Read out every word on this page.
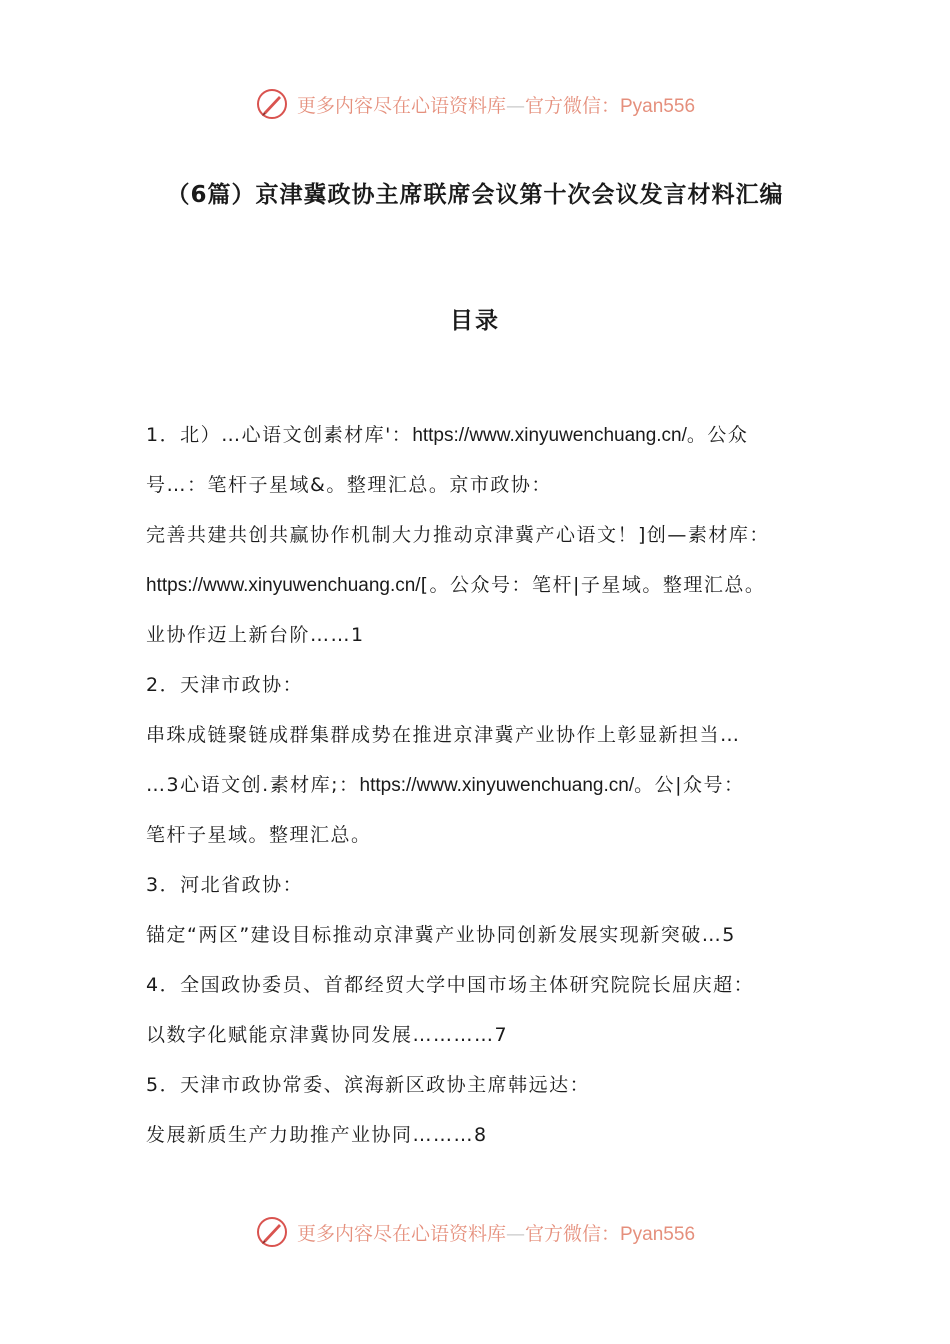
更多内容尽在心语资料库—官方微信：Pyan556
（6篇）京津冀政协主席联席会议第十次会议发言材料汇编
目录
1．北）…心语文创素材库'：https://www.xinyuwenchuang.cn/。公众
号…：笔杆子星域&。整理汇总。京市政协：
完善共建共创共赢协作机制大力推动京津冀产心语文！]创—素材库：
https://www.xinyuwenchuang.cn/[。公众号：笔杆|子星域。整理汇总。
业协作迈上新台阶……1
2．天津市政协：
串珠成链聚链成群集群成势在推进京津冀产业协作上彰显新担当…
…3心语文创.素材库;：https://www.xinyuwenchuang.cn/。公|众号：
笔杆子星域。整理汇总。
3．河北省政协：
锚定“两区”建设目标推动京津冀产业协同创新发展实现新突破…5
4．全国政协委员、首都经贸大学中国市场主体研究院院长屈庆超：
以数字化赋能京津冀协同发展…………7
5．天津市政协常委、滨海新区政协主席韩远达：
发展新质生产力助推产业协同………8
更多内容尽在心语资料库—官方微信：Pyan556
